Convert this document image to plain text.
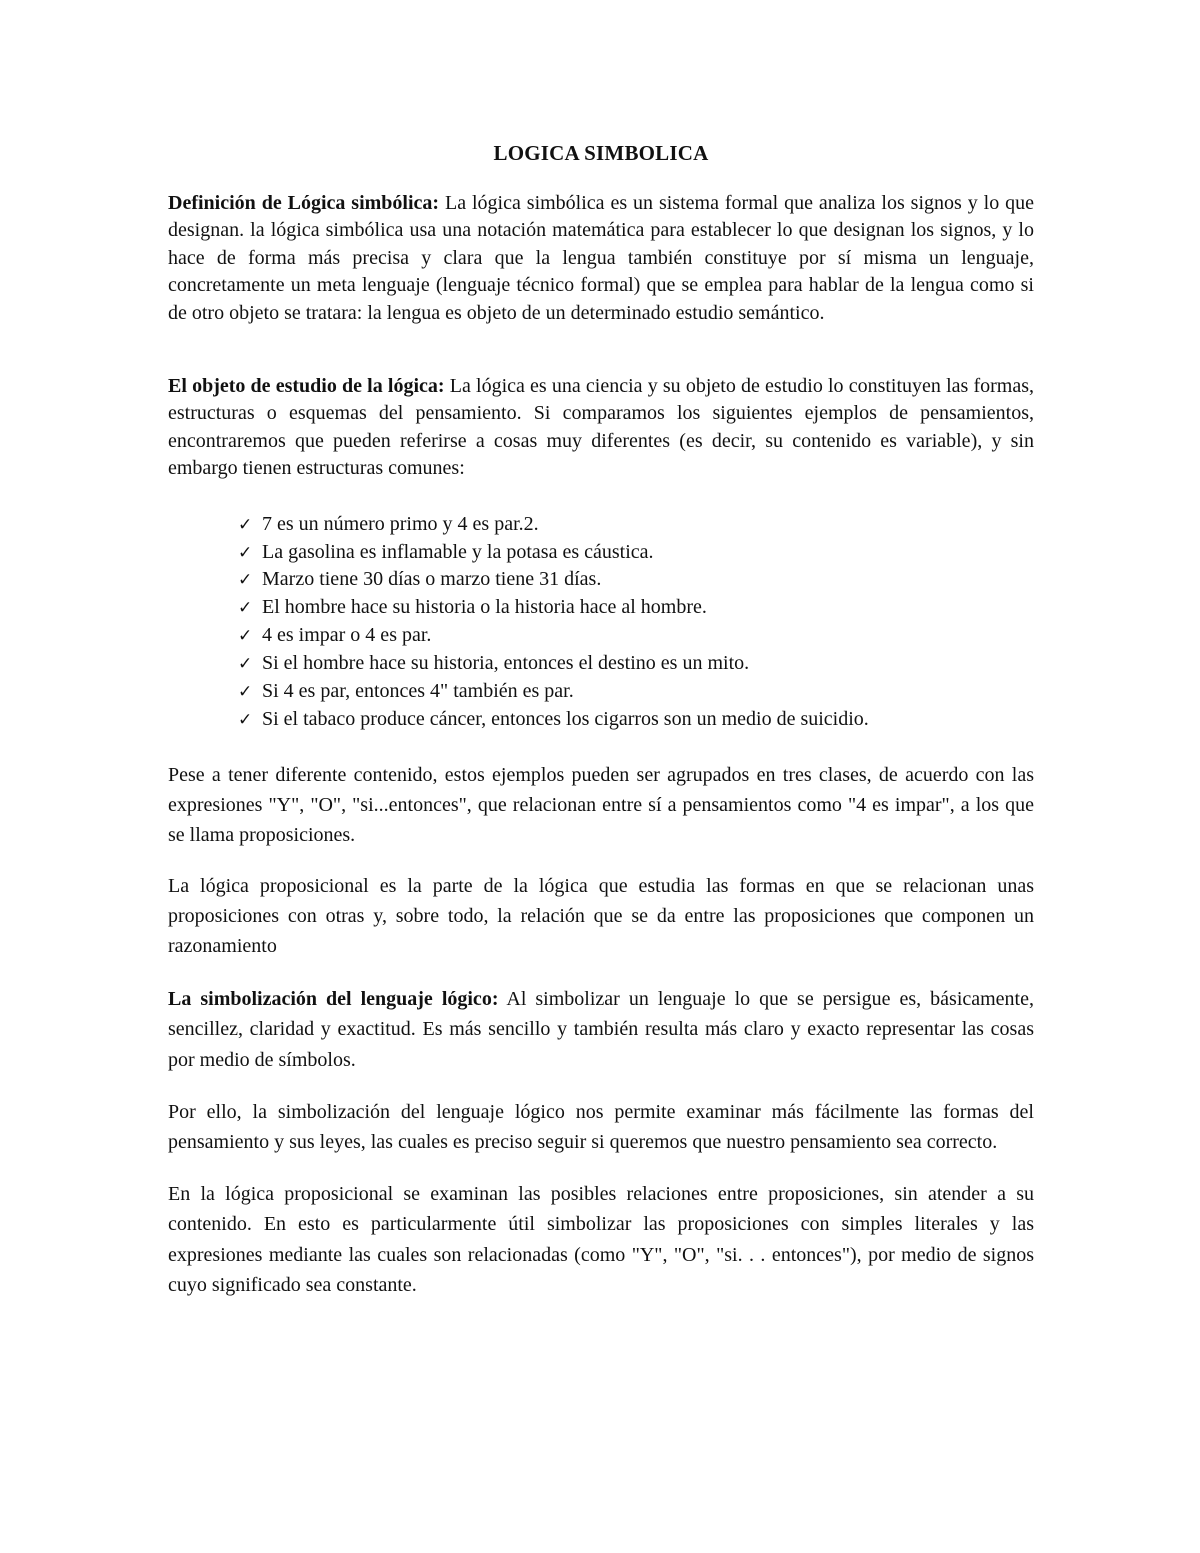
LOGICA SIMBOLICA

Definición de Lógica simbólica: La lógica simbólica es un sistema formal que analiza los signos y lo que designan. la lógica simbólica usa una notación matemática para establecer lo que designan los signos, y lo hace de forma más precisa y clara que la lengua también constituye por sí misma un lenguaje, concretamente un meta lenguaje (lenguaje técnico formal) que se emplea para hablar de la lengua como si de otro objeto se tratara: la lengua es objeto de un determinado estudio semántico.

El objeto de estudio de la lógica: La lógica es una ciencia y su objeto de estudio lo constituyen las formas, estructuras o esquemas del pensamiento. Si comparamos los siguientes ejemplos de pensamientos, encontraremos que pueden referirse a cosas muy diferentes (es decir, su contenido es variable), y sin embargo tienen estructuras comunes:

✓ 7 es un número primo y 4 es par.2.
✓ La gasolina es inflamable y la potasa es cáustica.
✓ Marzo tiene 30 días o marzo tiene 31 días.
✓ El hombre hace su historia o la historia hace al hombre.
✓ 4 es impar o 4 es par.
✓ Si el hombre hace su historia, entonces el destino es un mito.
✓ Si 4 es par, entonces 4" también es par.
✓ Si el tabaco produce cáncer, entonces los cigarros son un medio de suicidio.

Pese a tener diferente contenido, estos ejemplos pueden ser agrupados en tres clases, de acuerdo con las expresiones "Y", "O", "si...entonces", que relacionan entre sí a pensamientos como "4 es impar", a los que se llama proposiciones.

La lógica proposicional es la parte de la lógica que estudia las formas en que se relacionan unas proposiciones con otras y, sobre todo, la relación que se da entre las proposiciones que componen un razonamiento

La simbolización del lenguaje lógico: Al simbolizar un lenguaje lo que se persigue es, básicamente, sencillez, claridad y exactitud. Es más sencillo y también resulta más claro y exacto representar las cosas por medio de símbolos.

Por ello, la simbolización del lenguaje lógico nos permite examinar más fácilmente las formas del pensamiento y sus leyes, las cuales es preciso seguir si queremos que nuestro pensamiento sea correcto.

En la lógica proposicional se examinan las posibles relaciones entre proposiciones, sin atender a su contenido. En esto es particularmente útil simbolizar las proposiciones con simples literales y las expresiones mediante las cuales son relacionadas (como "Y", "O", "si. . . entonces"), por medio de signos cuyo significado sea constante.
